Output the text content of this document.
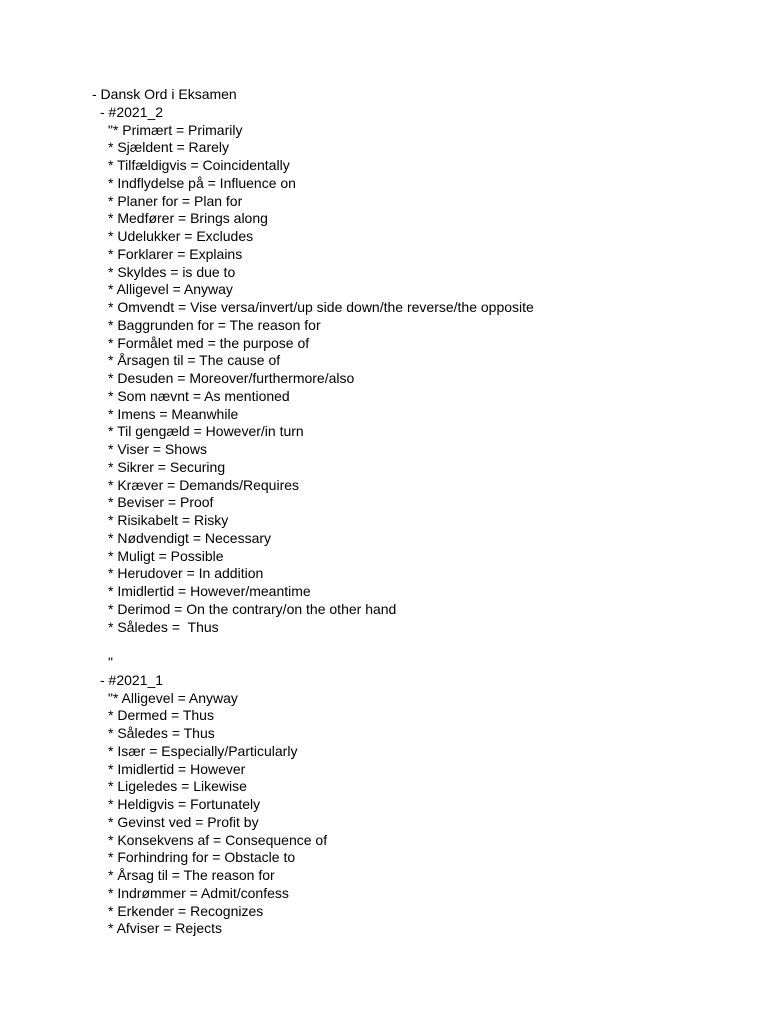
- Dansk Ord i Eksamen
- #2021_2
"* Primært = Primarily
* Sjældent = Rarely
* Tilfældigvis = Coincidentally
* Indflydelse på = Influence on
* Planer for = Plan for
* Medfører = Brings along
* Udelukker = Excludes
* Forklarer = Explains
* Skyldes = is due to
* Alligevel = Anyway
* Omvendt = Vise versa/invert/up side down/the reverse/the opposite
* Baggrunden for = The reason for
* Formålet med = the purpose of
* Årsagen til = The cause of
* Desuden = Moreover/furthermore/also
* Som nævnt = As mentioned
* Imens = Meanwhile
* Til gengæld = However/in turn
* Viser = Shows
* Sikrer = Securing
* Kræver = Demands/Requires
* Beviser = Proof
* Risikabelt = Risky
* Nødvendigt = Necessary
* Muligt = Possible
* Herudover = In addition
* Imidlertid = However/meantime
* Derimod = On the contrary/on the other hand
* Således =  Thus
"
- #2021_1
"* Alligevel = Anyway
* Dermed = Thus
* Således = Thus
* Især = Especially/Particularly
* Imidlertid = However
* Ligeledes = Likewise
* Heldigvis = Fortunately
* Gevinst ved = Profit by
* Konsekvens af = Consequence of
* Forhindring for = Obstacle to
* Årsag til = The reason for
* Indrømmer = Admit/confess
* Erkender = Recognizes
* Afviser = Rejects
